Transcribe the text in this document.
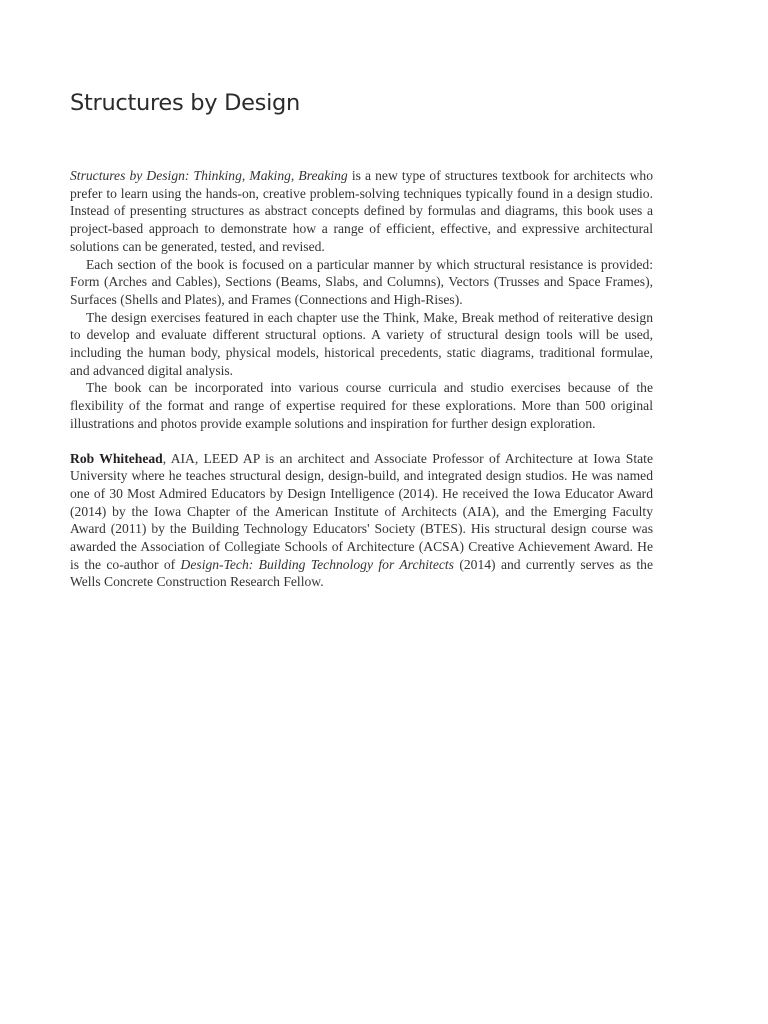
Structures by Design

Structures by Design: Thinking, Making, Breaking is a new type of structures textbook for architects who prefer to learn using the hands-on, creative problem-solving techniques typically found in a design studio. Instead of presenting structures as abstract concepts defined by formulas and diagrams, this book uses a project-based approach to demonstrate how a range of efficient, effective, and expressive architectural solutions can be generated, tested, and revised.

Each section of the book is focused on a particular manner by which structural resistance is provided: Form (Arches and Cables), Sections (Beams, Slabs, and Columns), Vectors (Trusses and Space Frames), Surfaces (Shells and Plates), and Frames (Connections and High-Rises).

The design exercises featured in each chapter use the Think, Make, Break method of reiterative design to develop and evaluate different structural options. A variety of structural design tools will be used, including the human body, physical models, historical precedents, static diagrams, traditional formulae, and advanced digital analysis.

The book can be incorporated into various course curricula and studio exercises because of the flexibility of the format and range of expertise required for these explorations. More than 500 original illustrations and photos provide example solutions and inspiration for further design exploration.

Rob Whitehead, AIA, LEED AP is an architect and Associate Professor of Architecture at Iowa State University where he teaches structural design, design-build, and integrated design studios. He was named one of 30 Most Admired Educators by Design Intelligence (2014). He received the Iowa Educator Award (2014) by the Iowa Chapter of the American Institute of Architects (AIA), and the Emerging Faculty Award (2011) by the Building Technology Educators' Society (BTES). His structural design course was awarded the Association of Collegiate Schools of Architecture (ACSA) Creative Achievement Award. He is the co-author of Design-Tech: Building Technology for Architects (2014) and currently serves as the Wells Concrete Construction Research Fellow.
